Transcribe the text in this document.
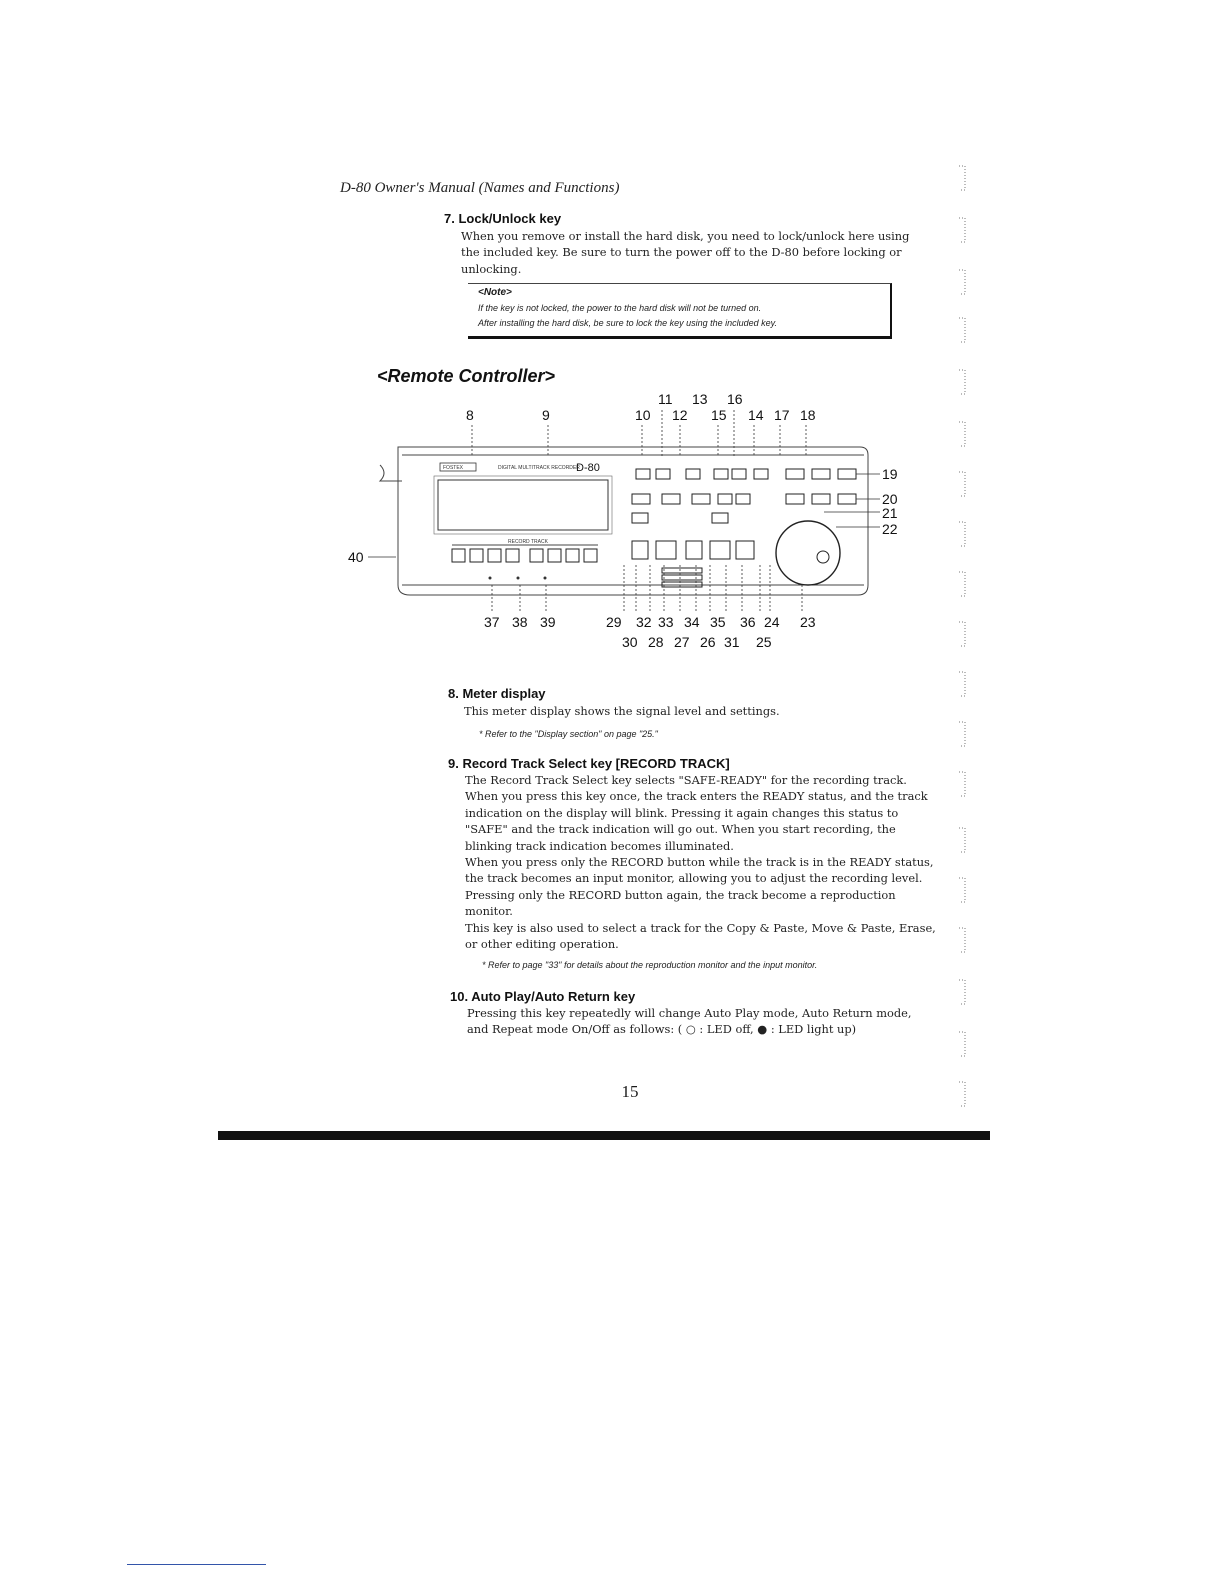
D-80 Owner's Manual (Names and Functions)
7. Lock/Unlock key
When you remove or install the hard disk, you need to lock/unlock here using
the included key. Be sure to turn the power off to the D-80 before locking or
unlocking.
<Note>
If the key is not locked, the power to the hard disk will not be turned on.
After installing the hard disk, be sure to lock the key using the included key.
<Remote Controller>
8	9	10
11
12
13
14
15
16
17 18
FOSTEX	DIGITAL MULTITRACK RECORDER
D-80
RECORD TRACK
19
20
21
22
40
37 38 39	29 32 33 34 35 36 24 23
30 28 27 26 31 25
8. Meter display
This meter display shows the signal level and settings.
* Refer to the "Display section" on page "25."
9. Record Track Select key [RECORD TRACK]
The Record Track Select key selects "SAFE-READY" for the recording track.
When you press this key once, the track enters the READY status, and the track
indication on the display will blink. Pressing it again changes this status to
"SAFE" and the track indication will go out. When you start recording, the
blinking track indication becomes illuminated.
When you press only the RECORD button while the track is in the READY status,
the track becomes an input monitor, allowing you to adjust the recording level.
Pressing only the RECORD button again, the track become a reproduction
monitor.
This key is also used to select a track for the Copy & Paste, Move & Paste, Erase,
or other editing operation.
* Refer to page "33" for details about the reproduction monitor and the input monitor.
10. Auto Play/Auto Return key
Pressing this key repeatedly will change Auto Play mode, Auto Return mode,
and Repeat mode On/Off as follows: ( ○ : LED off, ● : LED light up)
15
